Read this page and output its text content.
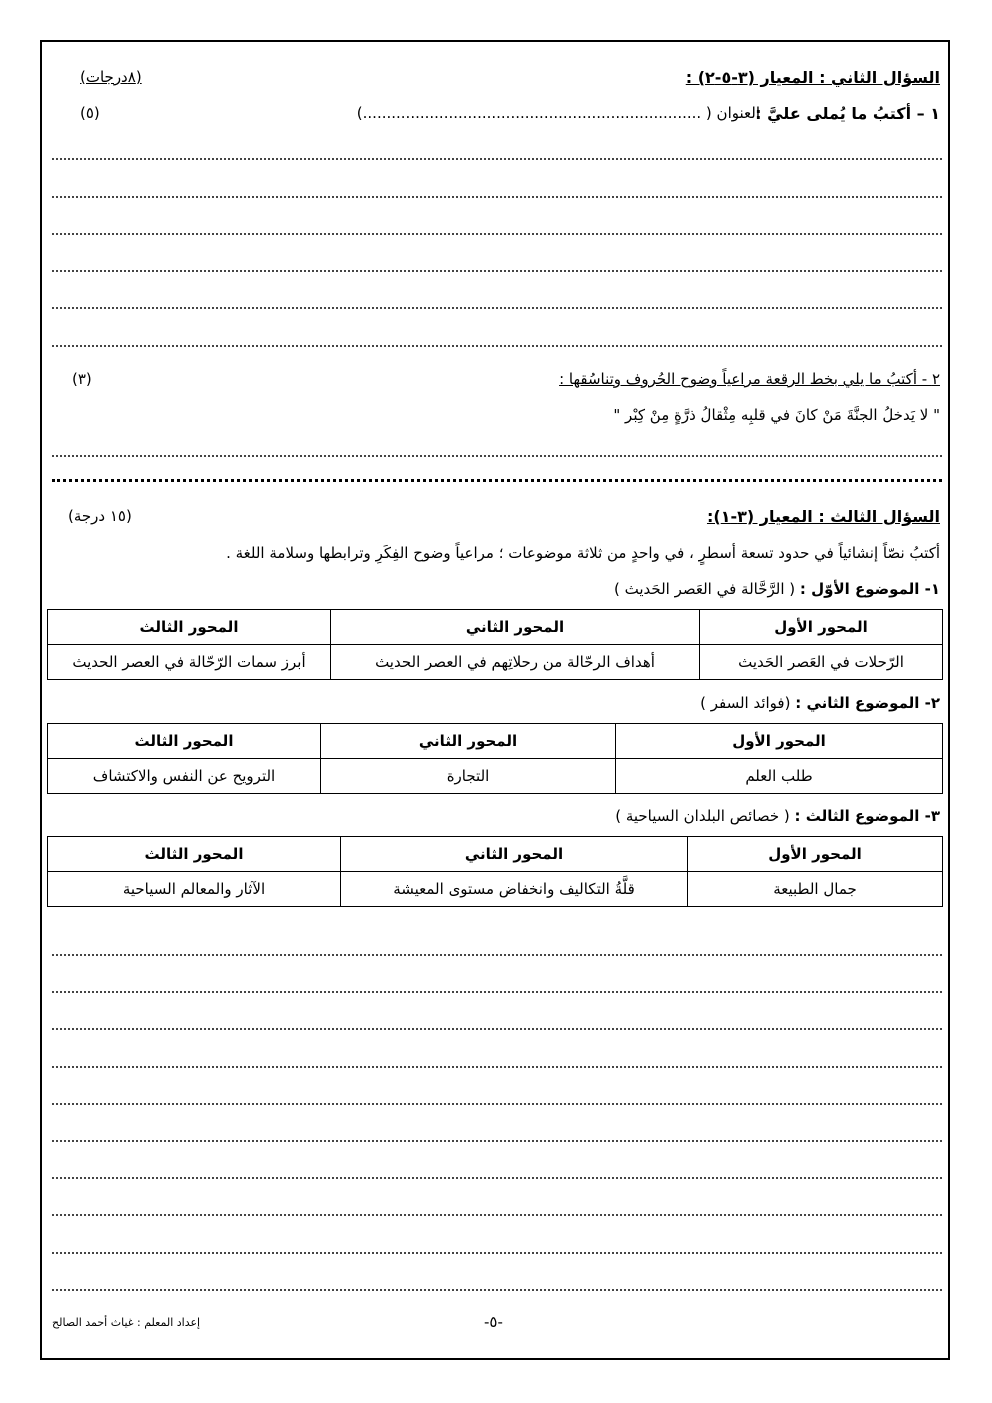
السؤال الثاني : المعيار (٣-٥-٢) :
(٨درجات)
١ – أكتبُ ما يُملى عليَّ :
العنوان ( .......................................................................)
(٥)
٢ - أكتبُ ما يلي بخط الرقعة مراعياً وضوح الحُروف وتناسُقها :
(٣)
" لا يَدخلُ الجنَّةَ مَنْ كانَ في قلبِه مِثْقالُ ذرَّةٍ مِنْ كِبْر "
السؤال الثالث : المعيار (٣-١):
(١٥ درجة)
أكتبُ نصّاً إنشائياً في حدود تسعة أسطرٍ ، في واحدٍ من ثلاثة موضوعات ؛ مراعياً وضوح الفِكَرِ وترابطها وسلامة اللغة .
١- الموضوع الأوّل : ( الرَّحَّالة في العَصر الحَديث )
المحور الأول	المحور الثاني	المحور الثالث
الرّحلات في العَصر الحَديث	أهداف الرحّالة من رحلاتِهم في العصر الحديث	أبرز سمات الرّحّالة في العصر الحديث
٢- الموضوع الثاني : (فوائد السفر )
المحور الأول	المحور الثاني	المحور الثالث
طلب العلم	التجارة	الترويح عن النفس والاكتشاف
٣- الموضوع الثالث : ( خصائص البلدان السياحية )
المحور الأول	المحور الثاني	المحور الثالث
جمال الطبيعة	قلَّةُ التكاليف وانخفاض مستوى المعيشة	الآثار والمعالم السياحية
-٥-
إعداد المعلم : غياث أحمد الصالح
